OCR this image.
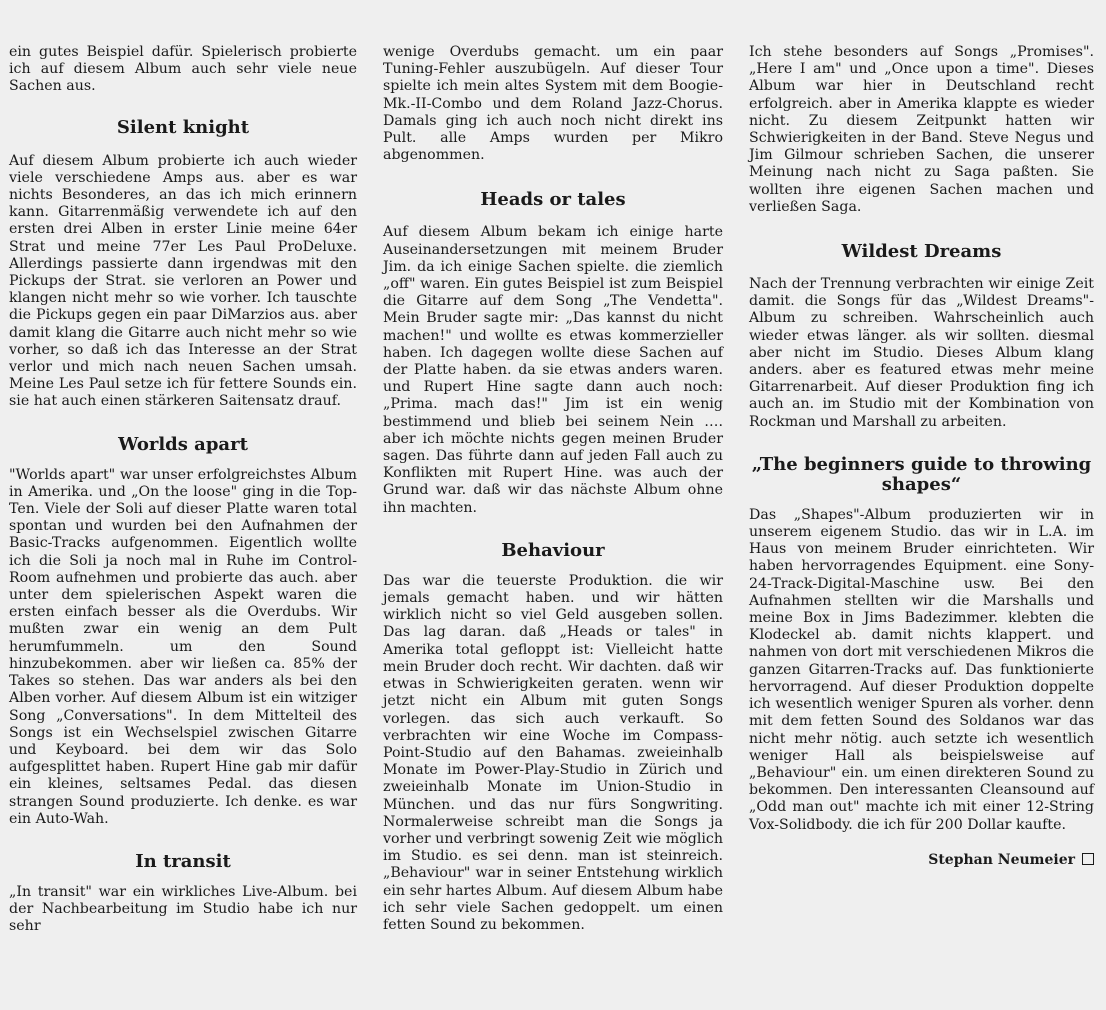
ein gutes Beispiel dafür. Spielerisch probierte ich auf diesem Album auch sehr viele neue Sachen aus.

Silent knight

Auf diesem Album probierte ich auch wieder viele verschiedene Amps aus. aber es war nichts Besonderes, an das ich mich erinnern kann. Gitarrenmäßig verwendete ich auf den ersten drei Alben in erster Linie meine 64er Strat und meine 77er Les Paul ProDeluxe. Allerdings passierte dann irgendwas mit den Pickups der Strat. sie verloren an Power und klangen nicht mehr so wie vorher. Ich tauschte die Pickups gegen ein paar DiMarzios aus. aber damit klang die Gitarre auch nicht mehr so wie vorher, so daß ich das Interesse an der Strat verlor und mich nach neuen Sachen umsah. Meine Les Paul setze ich für fettere Sounds ein. sie hat auch einen stärkeren Saitensatz drauf.

Worlds apart

"Worlds apart" war unser erfolgreichstes Album in Amerika. und „On the loose" ging in die Top-Ten. Viele der Soli auf dieser Platte waren total spontan und wurden bei den Aufnahmen der Basic-Tracks aufgenommen. Eigentlich wollte ich die Soli ja noch mal in Ruhe im Control-Room aufnehmen und probierte das auch. aber unter dem spielerischen Aspekt waren die ersten einfach besser als die Overdubs. Wir mußten zwar ein wenig an dem Pult herumfummeln. um den Sound hinzubekommen. aber wir ließen ca. 85% der Takes so stehen. Das war anders als bei den Alben vorher. Auf diesem Album ist ein witziger Song „Conversations". In dem Mittelteil des Songs ist ein Wechselspiel zwischen Gitarre und Keyboard. bei dem wir das Solo aufgesplittet haben. Rupert Hine gab mir dafür ein kleines, seltsames Pedal. das diesen strangen Sound produzierte. Ich denke. es war ein Auto-Wah.

In transit

„In transit" war ein wirkliches Live-Album. bei der Nachbearbeitung im Studio habe ich nur sehr

wenige Overdubs gemacht. um ein paar Tuning-Fehler auszubügeln. Auf dieser Tour spielte ich mein altes System mit dem Boogie-Mk.-II-Combo und dem Roland Jazz-Chorus. Damals ging ich auch noch nicht direkt ins Pult. alle Amps wurden per Mikro abgenommen.

Heads or tales

Auf diesem Album bekam ich einige harte Auseinandersetzungen mit meinem Bruder Jim. da ich einige Sachen spielte. die ziemlich „off" waren. Ein gutes Beispiel ist zum Beispiel die Gitarre auf dem Song „The Vendetta". Mein Bruder sagte mir: „Das kannst du nicht machen!" und wollte es etwas kommerzieller haben. Ich dagegen wollte diese Sachen auf der Platte haben. da sie etwas anders waren. und Rupert Hine sagte dann auch noch: „Prima. mach das!" Jim ist ein wenig bestimmend und blieb bei seinem Nein …. aber ich möchte nichts gegen meinen Bruder sagen. Das führte dann auf jeden Fall auch zu Konflikten mit Rupert Hine. was auch der Grund war. daß wir das nächste Album ohne ihn machten.

Behaviour

Das war die teuerste Produktion. die wir jemals gemacht haben. und wir hätten wirklich nicht so viel Geld ausgeben sollen. Das lag daran. daß „Heads or tales" in Amerika total gefloppt ist: Vielleicht hatte mein Bruder doch recht. Wir dachten. daß wir etwas in Schwierigkeiten geraten. wenn wir jetzt nicht ein Album mit guten Songs vorlegen. das sich auch verkauft. So verbrachten wir eine Woche im Compass-Point-Studio auf den Bahamas. zweieinhalb Monate im Power-Play-Studio in Zürich und zweieinhalb Monate im Union-Studio in München. und das nur fürs Songwriting. Normalerweise schreibt man die Songs ja vorher und verbringt sowenig Zeit wie möglich im Studio. es sei denn. man ist steinreich. „Behaviour" war in seiner Entstehung wirklich ein sehr hartes Album. Auf diesem Album habe ich sehr viele Sachen gedoppelt. um einen fetten Sound zu bekommen.

Ich stehe besonders auf Songs „Promises". „Here I am" und „Once upon a time". Dieses Album war hier in Deutschland recht erfolgreich. aber in Amerika klappte es wieder nicht. Zu diesem Zeitpunkt hatten wir Schwierigkeiten in der Band. Steve Negus und Jim Gilmour schrieben Sachen, die unserer Meinung nach nicht zu Saga paßten. Sie wollten ihre eigenen Sachen machen und verließen Saga.

Wildest Dreams

Nach der Trennung verbrachten wir einige Zeit damit. die Songs für das „Wildest Dreams"-Album zu schreiben. Wahrscheinlich auch wieder etwas länger. als wir sollten. diesmal aber nicht im Studio. Dieses Album klang anders. aber es featured etwas mehr meine Gitarrenarbeit. Auf dieser Produktion fing ich auch an. im Studio mit der Kombination von Rockman und Marshall zu arbeiten.

„The beginners guide to throwing shapes“

Das „Shapes"-Album produzierten wir in unserem eigenem Studio. das wir in L.A. im Haus von meinem Bruder einrichteten. Wir haben hervorragendes Equipment. eine Sony-24-Track-Digital-Maschine usw. Bei den Aufnahmen stellten wir die Marshalls und meine Box in Jims Badezimmer. klebten die Klodeckel ab. damit nichts klappert. und nahmen von dort mit verschiedenen Mikros die ganzen Gitarren-Tracks auf. Das funktionierte hervorragend. Auf dieser Produktion doppelte ich wesentlich weniger Spuren als vorher. denn mit dem fetten Sound des Soldanos war das nicht mehr nötig. auch setzte ich wesentlich weniger Hall als beispielsweise auf „Behaviour" ein. um einen direkteren Sound zu bekommen. Den interessanten Cleansound auf „Odd man out" machte ich mit einer 12-String Vox-Solidbody. die ich für 200 Dollar kaufte.

Stephan Neumeier
